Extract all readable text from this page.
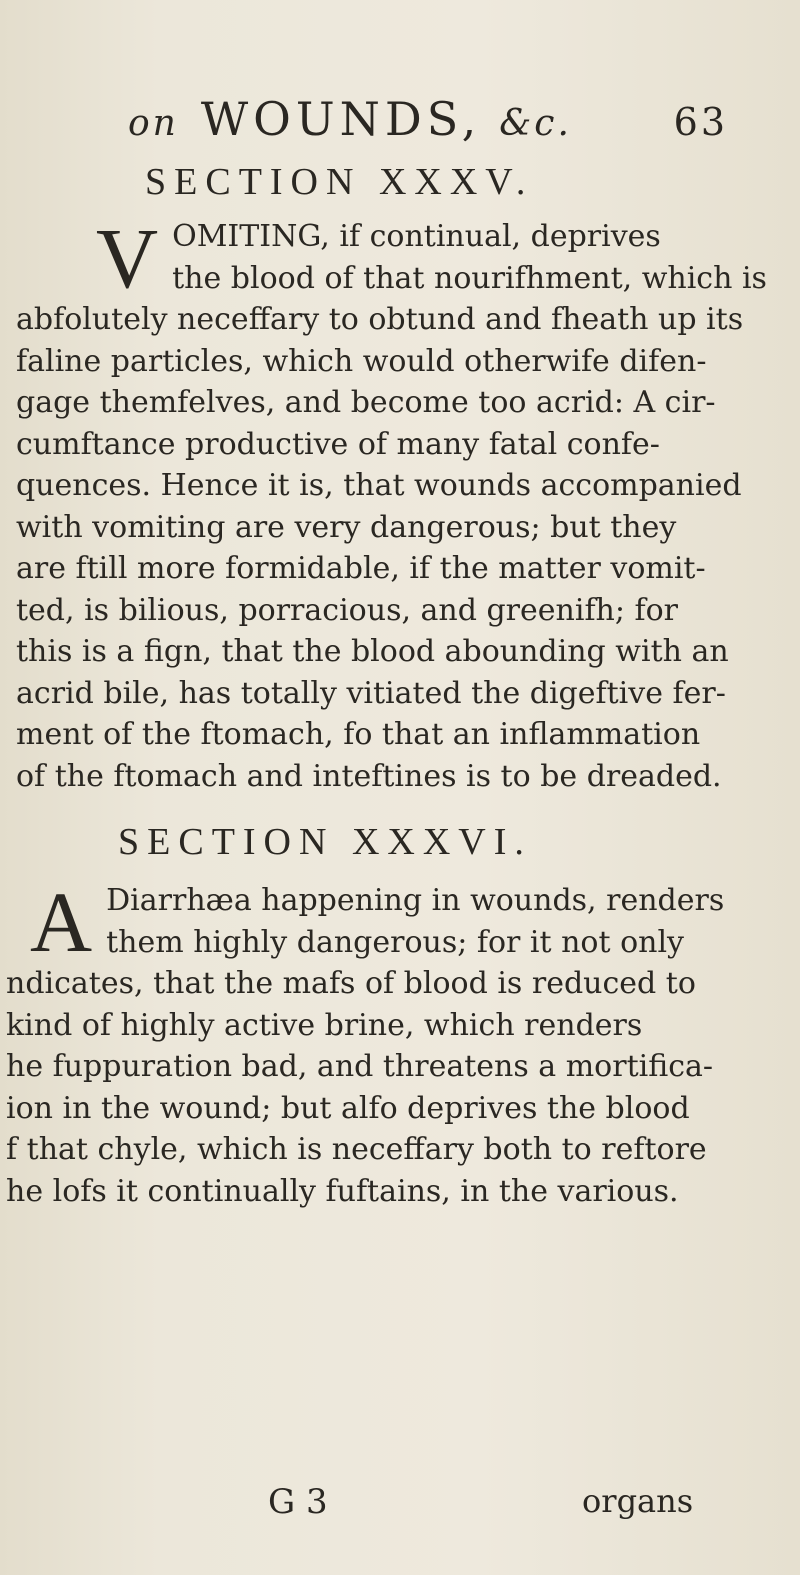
on WOUNDS, &c.	63
SECTION XXXV.
V OMITING, if continual, deprives
the blood of that nourifhment, which is
abfolutely neceffary to obtund and fheath up its
faline particles, which would otherwife difen-
gage themfelves, and become too acrid: A cir-
cumftance productive of many fatal confe-
quences. Hence it is, that wounds accompanied
with vomiting are very dangerous; but they
are ftill more formidable, if the matter vomit-
ted, is bilious, porracious, and greenifh; for
this is a fign, that the blood abounding with an
acrid bile, has totally vitiated the digeftive fer-
ment of the ftomach, fo that an inflammation
of the ftomach and inteftines is to be dreaded.
SECTION XXXVI.
A Diarrhæa happening in wounds, renders
them highly dangerous; for it not only
ndicates, that the mafs of blood is reduced to
kind of highly active brine, which renders
he fuppuration bad, and threatens a mortifica-
ion in the wound; but alfo deprives the blood
f that chyle, which is neceffary both to reftore
he lofs it continually fuftains, in the various.
G 3	organs
